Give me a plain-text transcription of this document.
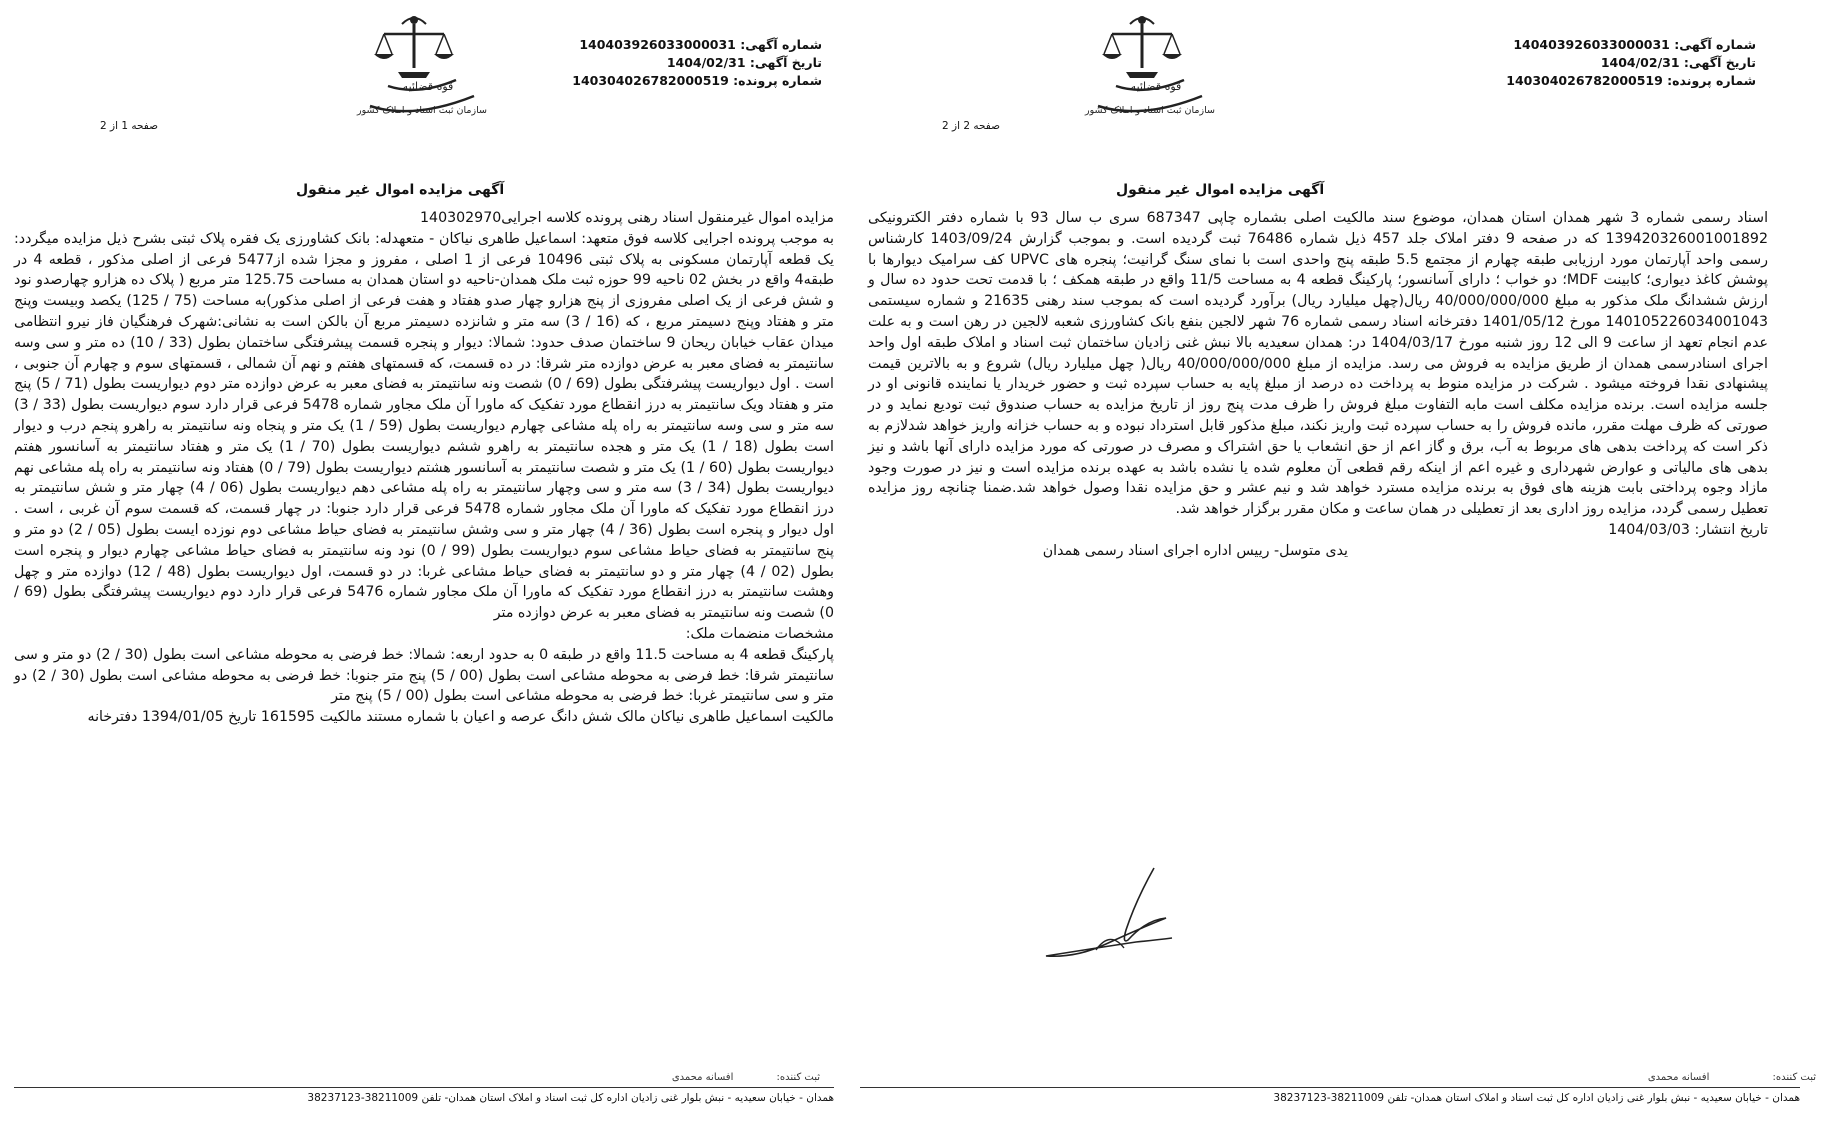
قوه قضائیه
سازمان ثبت اسناد و املاک کشور
شماره آگهی: 140403926033000031
تاریخ آگهی: 1404/02/31
شماره پرونده: 140304026782000519
صفحه 2 از 2
آگهی مزایده اموال غیر منقول

اسناد رسمی شماره 3 شهر همدان استان همدان، موضوع سند مالکیت اصلی بشماره چاپی 687347 سری ب سال 93 با شماره دفتر الکترونیکی 139420326001001892 که در صفحه 9 دفتر املاک جلد 457 ذیل شماره 76486 ثبت گردیده است. و بموجب گزارش 1403/09/24 کارشناس رسمی واحد آپارتمان مورد ارزیابی طبقه چهارم از مجتمع 5.5 طبقه پنج واحدی است با نمای سنگ گرانیت؛ پنجره های UPVC کف سرامیک دیوارها با پوشش کاغذ دیواری؛ کابینت MDF؛ دو خواب ؛ دارای آسانسور؛ پارکینگ قطعه 4 به مساحت 11/5 واقع در طبقه همکف ؛ با قدمت تحت حدود ده سال و ارزش ششدانگ ملک مذکور به مبلغ 40/000/000/000 ریال(چهل میلیارد ریال) برآورد گردیده است که بموجب سند رهنی 21635 و شماره سیستمی 140105226034001043 مورخ 1401/05/12 دفترخانه اسناد رسمی شماره 76 شهر لالجین بنفع بانک کشاورزی شعبه لالجین در رهن است و به علت عدم انجام تعهد از ساعت 9 الی 12 روز شنبه مورخ 1404/03/17 در: همدان سعیدیه بالا نبش غنی زادیان ساختمان ثبت اسناد و املاک طبقه اول واحد اجرای اسنادرسمی همدان از طریق مزایده به فروش می رسد. مزایده از مبلغ 40/000/000/000 ریال( چهل میلیارد ریال) شروع و به بالاترین قیمت پیشنهادی نقدا فروخته میشود . شرکت در مزایده منوط به پرداخت ده درصد از مبلغ پایه به حساب سپرده ثبت و حضور خریدار یا نماینده قانونی او در جلسه مزایده است. برنده مزایده مکلف است مابه التفاوت مبلغ فروش را ظرف مدت پنج روز از تاریخ مزایده به حساب صندوق ثبت تودیع نماید و در صورتی که ظرف مهلت مقرر، مانده فروش را به حساب سپرده ثبت واریز نکند، مبلغ مذکور قابل استرداد نبوده و به حساب خزانه واریز خواهد شدلازم به ذکر است که پرداخت بدهی های مربوط به آب، برق و گاز اعم از حق انشعاب یا حق اشتراک و مصرف در صورتی که مورد مزایده دارای آنها باشد و نیز بدهی های مالیاتی و عوارض شهرداری و غیره اعم از اینکه رقم قطعی آن معلوم شده یا نشده باشد به عهده برنده مزایده است و نیز در صورت وجود مازاد وجوه پرداختی بابت هزینه های فوق به برنده مزایده مسترد خواهد شد و نیم عشر و حق مزایده نقدا وصول خواهد شد.ضمنا چنانچه روز مزایده تعطیل رسمی گردد، مزایده روز اداری بعد از تعطیلی در همان ساعت و مکان مقرر برگزار خواهد شد.

تاریخ انتشار: 1404/03/03

یدی متوسل- رییس اداره اجرای اسناد رسمی همدان

ثبت کننده: افسانه محمدی
همدان - خیابان سعیدیه - نبش بلوار غنی زادیان اداره کل ثبت اسناد و املاک استان همدان- تلفن 38211009-38237123
قوه قضائیه
سازمان ثبت اسناد و املاک کشور
شماره آگهی: 140403926033000031
تاریخ آگهی: 1404/02/31
شماره پرونده: 140304026782000519
صفحه 1 از 2
آگهی مزایده اموال غیر منقول

مزایده اموال غیرمنقول اسناد رهنی پرونده کلاسه اجرایی140302970

به موجب پرونده اجرایی کلاسه فوق متعهد: اسماعیل طاهری نیاکان - متعهدله: بانک کشاورزی یک فقره پلاک ثبتی بشرح ذیل مزایده میگردد: یک قطعه آپارتمان مسکونی به پلاک ثبتی 10496 فرعی از 1 اصلی ، مفروز و مجزا شده از5477 فرعی از اصلی مذکور ، قطعه 4 در طبقه4 واقع در بخش 02 ناحیه 99 حوزه ثبت ملک همدان-ناحیه دو استان همدان به مساحت 125.75 متر مربع ( پلاک ده هزارو چهارصدو نود و شش فرعی از یک اصلی مفروزی از پنج هزارو چهار صدو هفتاد و هفت فرعی از اصلی مذکور)به مساحت (75 / 125) یکصد وبیست وپنج متر و هفتاد وپنج دسیمتر مربع ، که (16 / 3) سه متر و شانزده دسیمتر مربع آن بالکن است به نشانی:شهرک فرهنگیان فاز نیرو انتظامی میدان عقاب خیابان ریحان 9 ساختمان صدف حدود: شمالا: دیوار و پنجره قسمت پیشرفتگی ساختمان بطول (33 / 10) ده متر و سی وسه سانتیمتر به فضای معبر به عرض دوازده متر شرقا: در ده قسمت، که قسمتهای هفتم و نهم آن شمالی ، قسمتهای سوم و چهارم آن جنوبی ، است . اول دیواریست پیشرفتگی بطول (69 / 0) شصت ونه سانتیمتر به فضای معبر به عرض دوازده متر دوم دیواریست بطول (71 / 5) پنج متر و هفتاد ویک سانتیمتر به درز انقطاع مورد تفکیک که ماورا آن ملک مجاور شماره 5478 فرعی قرار دارد سوم دیواریست بطول (33 / 3) سه متر و سی وسه سانتیمتر به راه پله مشاعی چهارم دیواریست بطول (59 / 1) یک متر و پنجاه ونه سانتیمتر به راهرو پنجم درب و دیوار است بطول (18 / 1) یک متر و هجده سانتیمتر به راهرو ششم دیواریست بطول (70 / 1) یک متر و هفتاد سانتیمتر به آسانسور هفتم دیواریست بطول (60 / 1) یک متر و شصت سانتیمتر به آسانسور هشتم دیواریست بطول (79 / 0) هفتاد ونه سانتیمتر به راه پله مشاعی نهم دیواریست بطول (34 / 3) سه متر و سی وچهار سانتیمتر به راه پله مشاعی دهم دیواریست بطول (06 / 4) چهار متر و شش سانتیمتر به درز انقطاع مورد تفکیک که ماورا آن ملک مجاور شماره 5478 فرعی قرار دارد جنوبا: در چهار قسمت، که قسمت سوم آن غربی ، است . اول دیوار و پنجره است بطول (36 / 4) چهار متر و سی وشش سانتیمتر به فضای حیاط مشاعی دوم نوزده ایست بطول (05 / 2) دو متر و پنج سانتیمتر به فضای حیاط مشاعی سوم دیواریست بطول (99 / 0) نود ونه سانتیمتر به فضای حیاط مشاعی چهارم دیوار و پنجره است بطول (02 / 4) چهار متر و دو سانتیمتر به فضای حیاط مشاعی غربا: در دو قسمت، اول دیواریست بطول (48 / 12) دوازده متر و چهل وهشت سانتیمتر به درز انقطاع مورد تفکیک که ماورا آن ملک مجاور شماره 5476 فرعی قرار دارد دوم دیواریست پیشرفتگی بطول (69 / 0) شصت ونه سانتیمتر به فضای معبر به عرض دوازده متر

مشخصات منضمات ملک:

پارکینگ قطعه 4 به مساحت 11.5 واقع در طبقه 0 به حدود اربعه: شمالا: خط فرضی به محوطه مشاعی است بطول (30 / 2) دو متر و سی سانتیمتر شرقا: خط فرضی به محوطه مشاعی است بطول (00 / 5) پنج متر جنوبا: خط فرضی به محوطه مشاعی است بطول (30 / 2) دو متر و سی سانتیمتر غربا: خط فرضی به محوطه مشاعی است بطول (00 / 5) پنج متر

مالکیت اسماعیل طاهری نیاکان مالک شش دانگ عرصه و اعیان با شماره مستند مالکیت 161595 تاریخ 1394/01/05 دفترخانه

ثبت کننده: افسانه محمدی
همدان - خیابان سعیدیه - نبش بلوار غنی زادیان اداره کل ثبت اسناد و املاک استان همدان- تلفن 38211009-38237123
